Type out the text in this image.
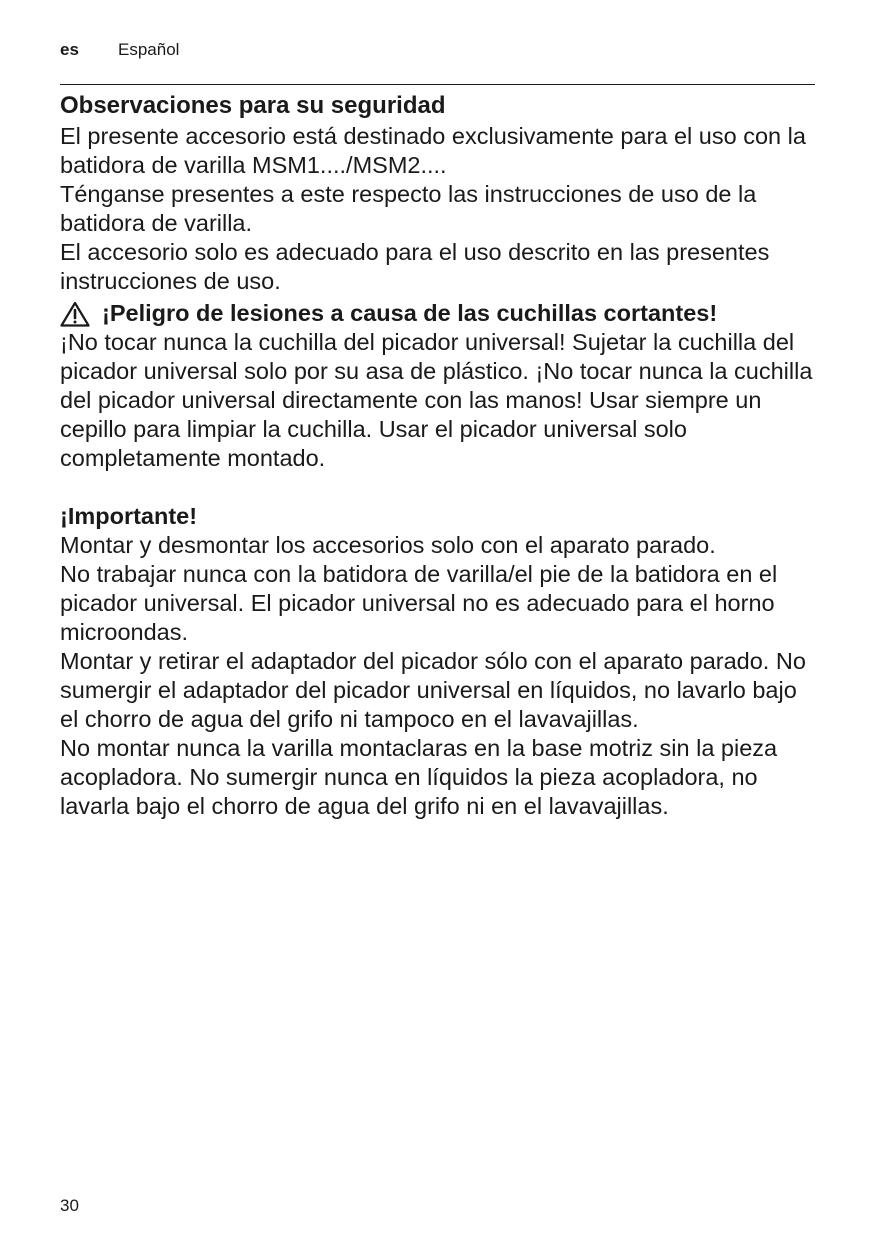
es Español
Observaciones para su seguridad

El presente accesorio está destinado exclusivamente para el uso con la batidora de varilla MSM1..../MSM2....

Ténganse presentes a este respecto las instrucciones de uso de la batidora de varilla.

El accesorio solo es adecuado para el uso descrito en las presentes instrucciones de uso.

¡Peligro de lesiones a causa de las cuchillas cortantes!

¡No tocar nunca la cuchilla del picador universal! Sujetar la cuchilla del picador universal solo por su asa de plástico. ¡No tocar nunca la cuchilla del picador universal directamente con las manos! Usar siempre un cepillo para limpiar la cuchilla. Usar el picador universal solo completamente montado.

¡Importante!

Montar y desmontar los accesorios solo con el aparato parado.

No trabajar nunca con la batidora de varilla/el pie de la batidora en el picador universal. El picador universal no es adecuado para el horno microondas.

Montar y retirar el adaptador del picador sólo con el aparato parado. No sumergir el adaptador del picador universal en líquidos, no lavarlo bajo el chorro de agua del grifo ni tampoco en el lavavajillas.

No montar nunca la varilla montaclaras en la base motriz sin la pieza acopladora. No sumergir nunca en líquidos la pieza acopladora, no lavarla bajo el chorro de agua del grifo ni en el lavavajillas.

30
